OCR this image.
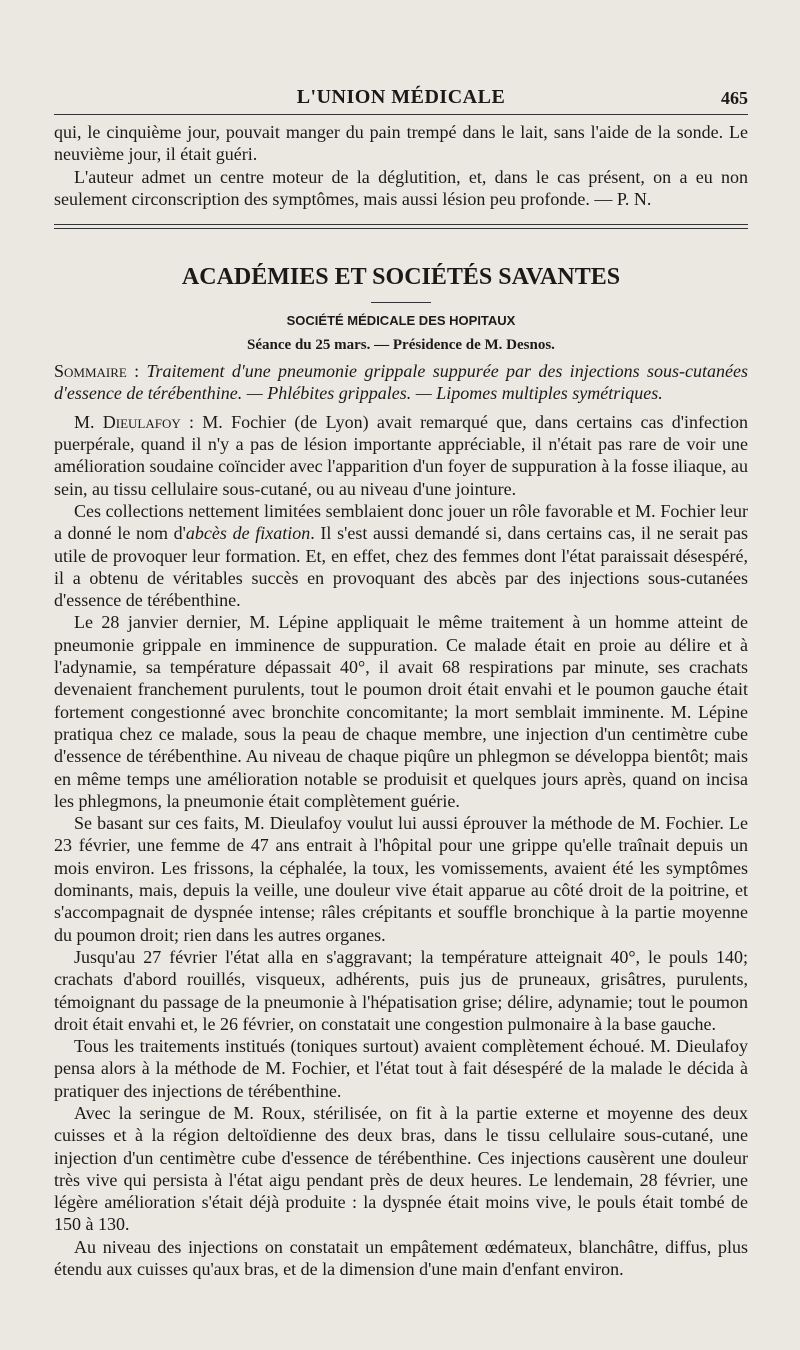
L'UNION MÉDICALE	465

qui, le cinquième jour, pouvait manger du pain trempé dans le lait, sans l'aide de la sonde. Le neuvième jour, il était guéri.

L'auteur admet un centre moteur de la déglutition, et, dans le cas présent, on a eu non seulement circonscription des symptômes, mais aussi lésion peu profonde. — P. N.

ACADÉMIES ET SOCIÉTÉS SAVANTES
SOCIÉTÉ MÉDICALE DES HOPITAUX
Séance du 25 mars. — Présidence de M. Desnos.

Sommaire : Traitement d'une pneumonie grippale suppurée par des injections sous-cutanées d'essence de térébenthine. — Phlébites grippales. — Lipomes multiples symétriques.

M. Dieulafoy : M. Fochier (de Lyon) avait remarqué que, dans certains cas d'infection puerpérale, quand il n'y a pas de lésion importante appréciable, il n'était pas rare de voir une amélioration soudaine coïncider avec l'apparition d'un foyer de suppuration à la fosse iliaque, au sein, au tissu cellulaire sous-cutané, ou au niveau d'une jointure.

Ces collections nettement limitées semblaient donc jouer un rôle favorable et M. Fochier leur a donné le nom d'abcès de fixation. Il s'est aussi demandé si, dans certains cas, il ne serait pas utile de provoquer leur formation. Et, en effet, chez des femmes dont l'état paraissait désespéré, il a obtenu de véritables succès en provoquant des abcès par des injections sous-cutanées d'essence de térébenthine.

Le 28 janvier dernier, M. Lépine appliquait le même traitement à un homme atteint de pneumonie grippale en imminence de suppuration. Ce malade était en proie au délire et à l'adynamie, sa température dépassait 40°, il avait 68 respirations par minute, ses crachats devenaient franchement purulents, tout le poumon droit était envahi et le poumon gauche était fortement congestionné avec bronchite concomitante; la mort semblait imminente. M. Lépine pratiqua chez ce malade, sous la peau de chaque membre, une injection d'un centimètre cube d'essence de térébenthine. Au niveau de chaque piqûre un phlegmon se développa bientôt; mais en même temps une amélioration notable se produisit et quelques jours après, quand on incisa les phlegmons, la pneumonie était complètement guérie.

Se basant sur ces faits, M. Dieulafoy voulut lui aussi éprouver la méthode de M. Fochier. Le 23 février, une femme de 47 ans entrait à l'hôpital pour une grippe qu'elle traînait depuis un mois environ. Les frissons, la céphalée, la toux, les vomissements, avaient été les symptômes dominants, mais, depuis la veille, une douleur vive était apparue au côté droit de la poitrine, et s'accompagnait de dyspnée intense; râles crépitants et souffle bronchique à la partie moyenne du poumon droit; rien dans les autres organes.

Jusqu'au 27 février l'état alla en s'aggravant; la température atteignait 40°, le pouls 140; crachats d'abord rouillés, visqueux, adhérents, puis jus de pruneaux, grisâtres, purulents, témoignant du passage de la pneumonie à l'hépatisation grise; délire, adynamie; tout le poumon droit était envahi et, le 26 février, on constatait une congestion pulmonaire à la base gauche.

Tous les traitements institués (toniques surtout) avaient complètement échoué. M. Dieulafoy pensa alors à la méthode de M. Fochier, et l'état tout à fait désespéré de la malade le décida à pratiquer des injections de térébenthine.

Avec la seringue de M. Roux, stérilisée, on fit à la partie externe et moyenne des deux cuisses et à la région deltoïdienne des deux bras, dans le tissu cellulaire sous-cutané, une injection d'un centimètre cube d'essence de térébenthine. Ces injections causèrent une douleur très vive qui persista à l'état aigu pendant près de deux heures. Le lendemain, 28 février, une légère amélioration s'était déjà produite : la dyspnée était moins vive, le pouls était tombé de 150 à 130.

Au niveau des injections on constatait un empâtement œdémateux, blanchâtre, diffus, plus étendu aux cuisses qu'aux bras, et de la dimension d'une main d'enfant environ.
